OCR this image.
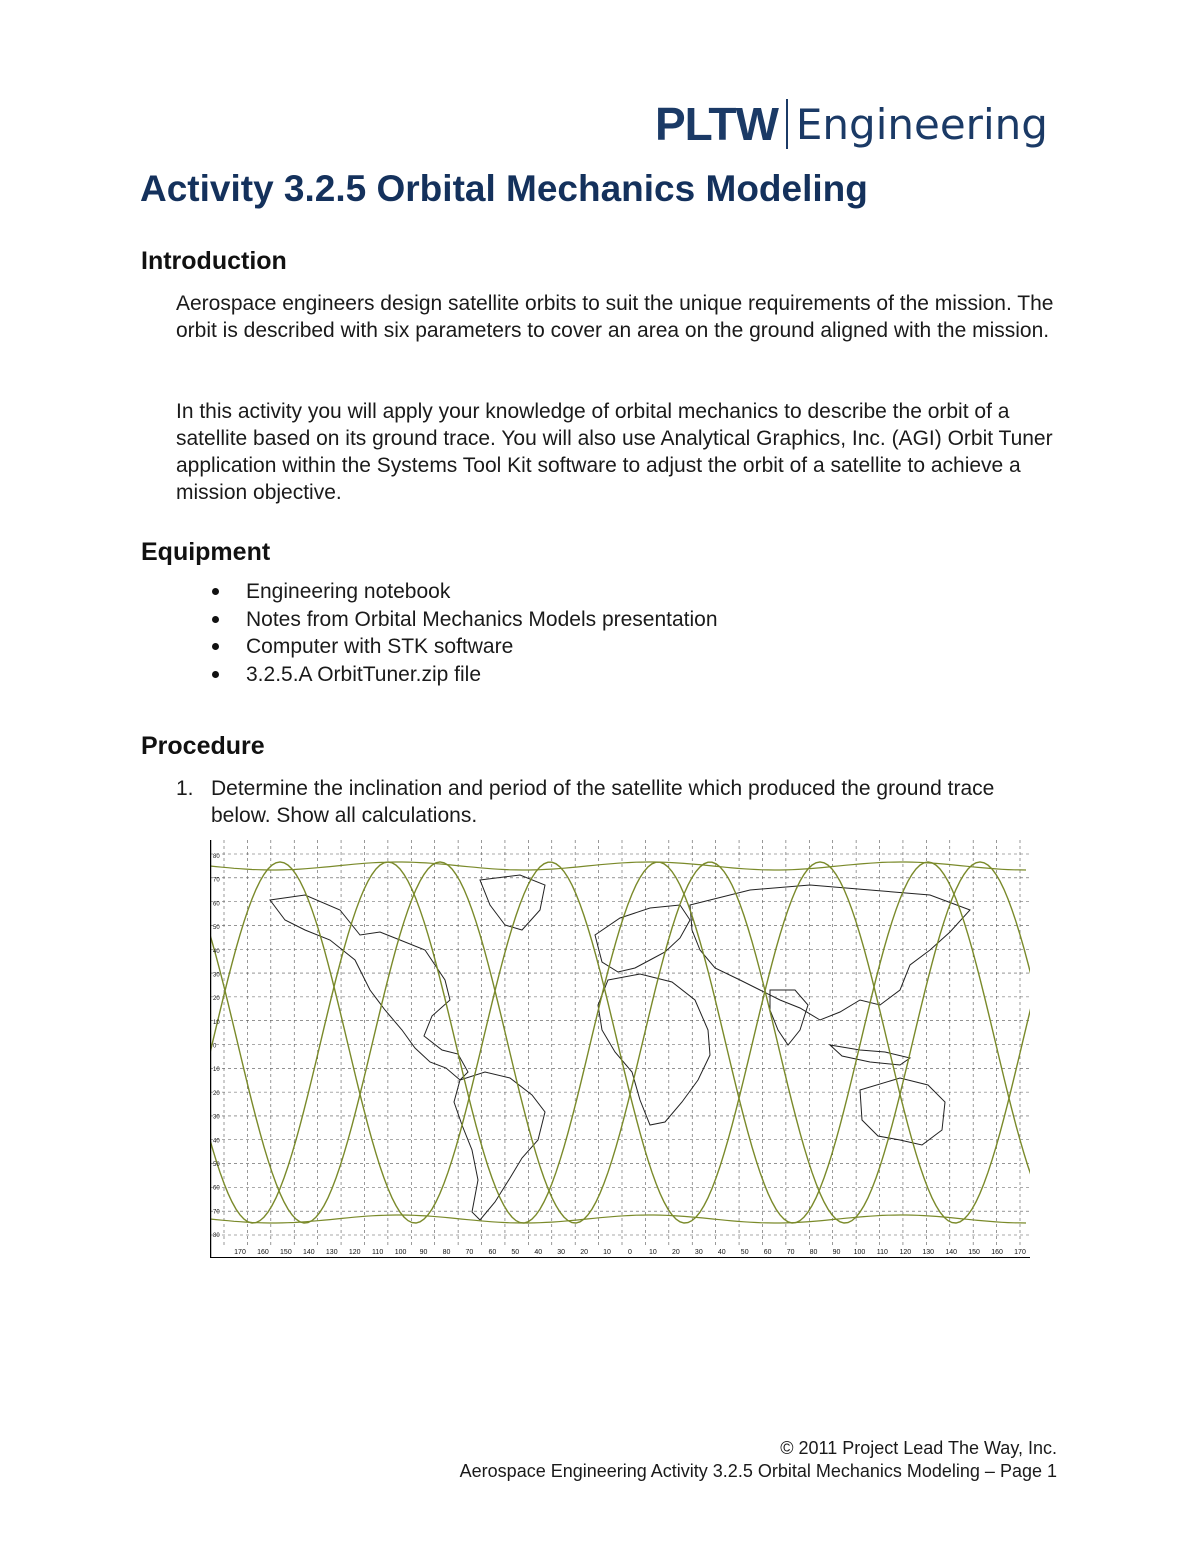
PLTW Engineering
Activity 3.2.5 Orbital Mechanics Modeling
Introduction

Aerospace engineers design satellite orbits to suit the unique requirements of the mission. The orbit is described with six parameters to cover an area on the ground aligned with the mission.

In this activity you will apply your knowledge of orbital mechanics to describe the orbit of a satellite based on its ground trace. You will also use Analytical Graphics, Inc. (AGI) Orbit Tuner application within the Systems Tool Kit software to adjust the orbit of a satellite to achieve a mission objective.

Equipment
Engineering notebook
Notes from Orbital Mechanics Models presentation
Computer with STK software
3.2.5.A OrbitTuner.zip file
Procedure
1. Determine the inclination and period of the satellite which produced the ground trace below. Show all calculations.
170 160 150 140 130 120 110 100 90 80 70 60 50 40 30 20 10 0 10 20 30 40 50 60 70 80 90 100 110 120 130 140 150 160 170
80
70
60
50
40
30
20
10
0
10
20
30
40
50
60
70
80
© 2011 Project Lead The Way, Inc.
Aerospace Engineering Activity 3.2.5 Orbital Mechanics Modeling – Page 1
